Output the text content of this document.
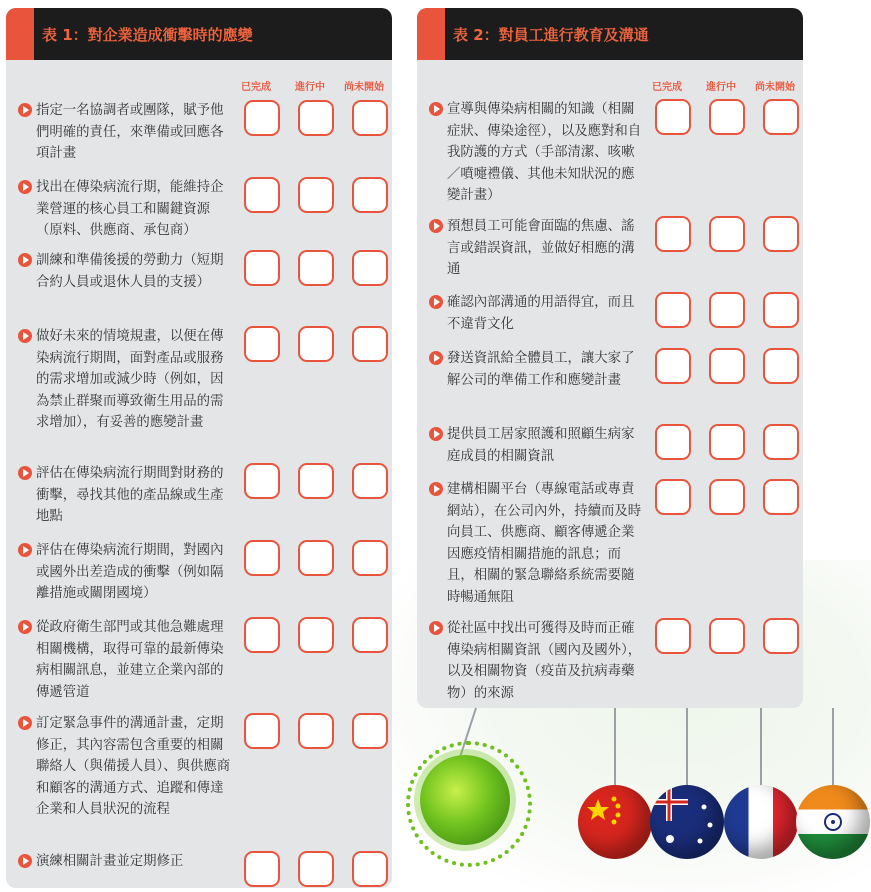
表 1：對企業造成衝擊時的應變
已完成	進行中	尚未開始
指定一名協調者或團隊，賦予他們明確的責任，來準備或回應各項計畫
找出在傳染病流行期，能維持企業營運的核心員工和關鍵資源（原料、供應商、承包商）
訓練和準備後援的勞動力（短期合約人員或退休人員的支援）
做好未來的情境規畫，以便在傳染病流行期間，面對產品或服務的需求增加或減少時（例如，因為禁止群聚而導致衛生用品的需求增加），有妥善的應變計畫
評估在傳染病流行期間對財務的衝擊，尋找其他的產品線或生產地點
評估在傳染病流行期間，對國內或國外出差造成的衝擊（例如隔離措施或關閉國境）
從政府衛生部門或其他急難處理相關機構，取得可靠的最新傳染病相關訊息，並建立企業內部的傳遞管道
訂定緊急事件的溝通計畫，定期修正，其內容需包含重要的相關聯絡人（與備援人員）、與供應商和顧客的溝通方式、追蹤和傳達企業和人員狀況的流程
演練相關計畫並定期修正
表 2：對員工進行教育及溝通
已完成	進行中	尚未開始
宣導與傳染病相關的知識（相關症狀、傳染途徑），以及應對和自我防護的方式（手部清潔、咳嗽／噴嚏禮儀、其他未知狀況的應變計畫）
預想員工可能會面臨的焦慮、謠言或錯誤資訊，並做好相應的溝通
確認內部溝通的用語得宜，而且不違背文化
發送資訊給全體員工，讓大家了解公司的準備工作和應變計畫
提供員工居家照護和照顧生病家庭成員的相關資訊
建構相關平台（專線電話或專責網站），在公司內外，持續而及時向員工、供應商、顧客傳遞企業因應疫情相關措施的訊息；而且，相關的緊急聯絡系統需要隨時暢通無阻
從社區中找出可獲得及時而正確傳染病相關資訊（國內及國外），以及相關物資（疫苗及抗病毒藥物）的來源
